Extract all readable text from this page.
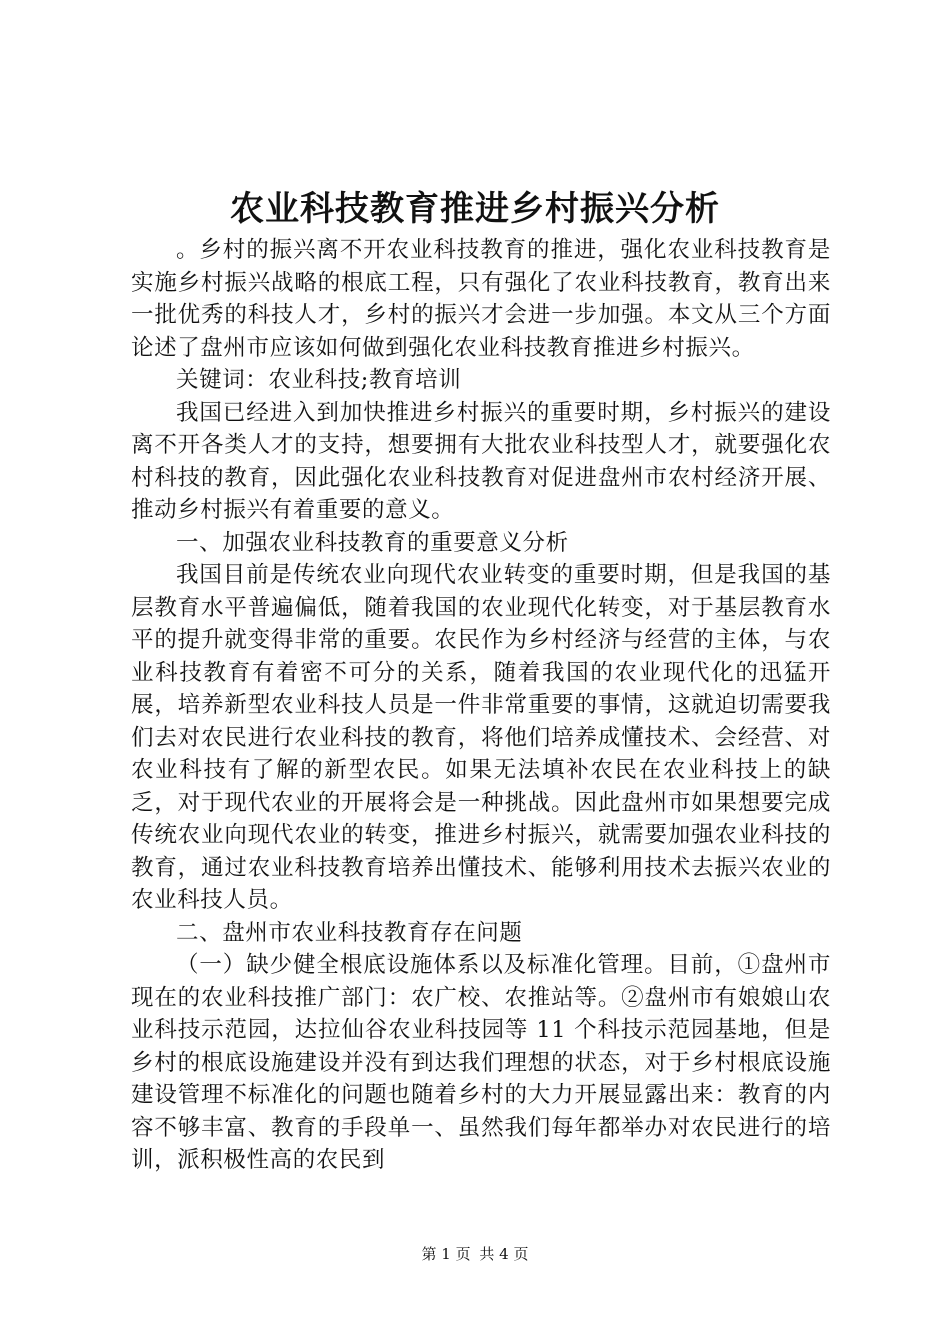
农业科技教育推进乡村振兴分析

。乡村的振兴离不开农业科技教育的推进，强化农业科技教育是实施乡村振兴战略的根底工程，只有强化了农业科技教育，教育出来一批优秀的科技人才，乡村的振兴才会进一步加强。本文从三个方面论述了盘州市应该如何做到强化农业科技教育推进乡村振兴。

关键词：农业科技;教育培训

我国已经进入到加快推进乡村振兴的重要时期，乡村振兴的建设离不开各类人才的支持，想要拥有大批农业科技型人才，就要强化农村科技的教育，因此强化农业科技教育对促进盘州市农村经济开展、推动乡村振兴有着重要的意义。

一、加强农业科技教育的重要意义分析

我国目前是传统农业向现代农业转变的重要时期，但是我国的基层教育水平普遍偏低，随着我国的农业现代化转变，对于基层教育水平的提升就变得非常的重要。农民作为乡村经济与经营的主体，与农业科技教育有着密不可分的关系，随着我国的农业现代化的迅猛开展，培养新型农业科技人员是一件非常重要的事情，这就迫切需要我们去对农民进行农业科技的教育，将他们培养成懂技术、会经营、对农业科技有了解的新型农民。如果无法填补农民在农业科技上的缺乏，对于现代农业的开展将会是一种挑战。因此盘州市如果想要完成传统农业向现代农业的转变，推进乡村振兴，就需要加强农业科技的教育，通过农业科技教育培养出懂技术、能够利用技术去振兴农业的农业科技人员。

二、盘州市农业科技教育存在问题

（一）缺少健全根底设施体系以及标准化管理。目前，①盘州市现在的农业科技推广部门：农广校、农推站等。②盘州市有娘娘山农业科技示范园，达拉仙谷农业科技园等 11 个科技示范园基地，但是乡村的根底设施建设并没有到达我们理想的状态，对于乡村根底设施建设管理不标准化的问题也随着乡村的大力开展显露出来：教育的内容不够丰富、教育的手段单一、虽然我们每年都举办对农民进行的培训，派积极性高的农民到

第 1 页 共 4 页
